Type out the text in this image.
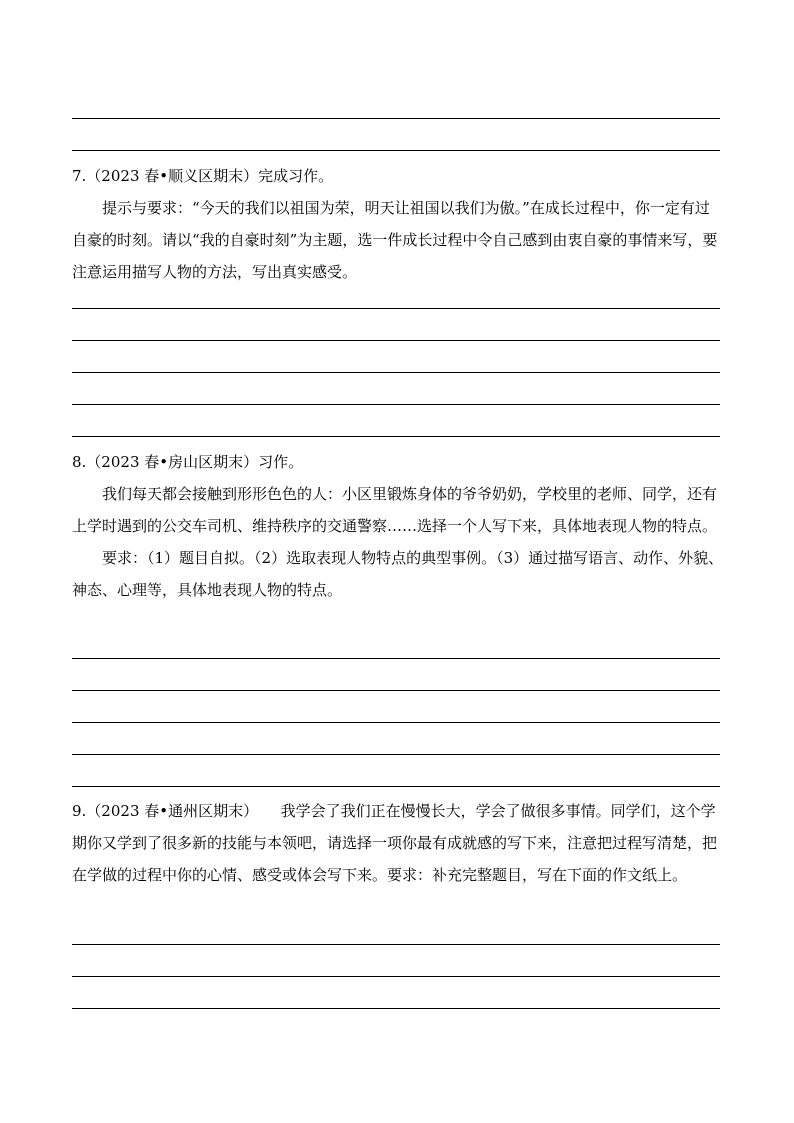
7.（2023 春•顺义区期末）完成习作。

提示与要求：“今天的我们以祖国为荣，明天让祖国以我们为傲。”在成长过程中，你一定有过自豪的时刻。请以“我的自豪时刻”为主题，选一件成长过程中令自己感到由衷自豪的事情来写，要注意运用描写人物的方法，写出真实感受。

8.（2023 春•房山区期末）习作。

我们每天都会接触到形形色色的人：小区里锻炼身体的爷爷奶奶，学校里的老师、同学，还有上学时遇到的公交车司机、维持秩序的交通警察……选择一个人写下来，具体地表现人物的特点。

要求：（1）题目自拟。（2）选取表现人物特点的典型事例。（3）通过描写语言、动作、外貌、神态、心理等，具体地表现人物的特点。

9.（2023 春•通州区期末）　　我学会了我们正在慢慢长大，学会了做很多事情。同学们，这个学期你又学到了很多新的技能与本领吧，请选择一项你最有成就感的写下来，注意把过程写清楚，把在学做的过程中你的心情、感受或体会写下来。要求：补充完整题目，写在下面的作文纸上。
